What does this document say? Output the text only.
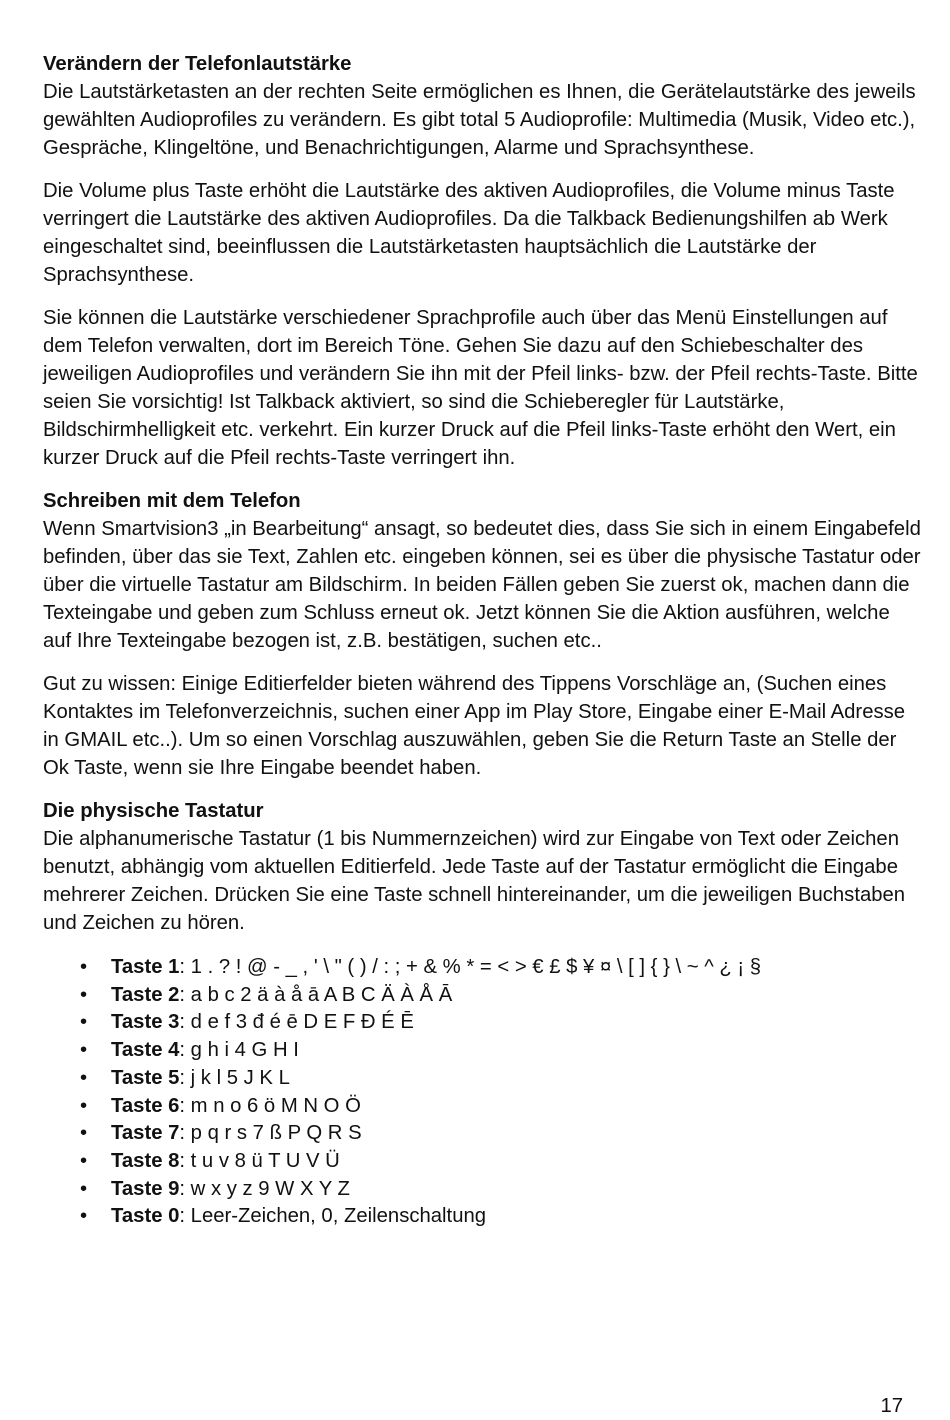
Verändern der Telefonlautstärke

Die Lautstärketasten an der rechten Seite ermöglichen es Ihnen, die Gerätelautstärke des jeweils gewählten Audioprofiles zu verändern. Es gibt total 5 Audioprofile: Multimedia (Musik, Video etc.), Gespräche, Klingeltöne, und Benachrichtigungen, Alarme und Sprachsynthese.

Die Volume plus Taste erhöht die Lautstärke des aktiven Audioprofiles, die Volume minus Taste verringert die Lautstärke des aktiven Audioprofiles. Da die Talkback Bedienungshilfen ab Werk eingeschaltet sind, beeinflussen die Lautstärketasten hauptsächlich die Lautstärke der Sprachsynthese.

Sie können die Lautstärke verschiedener Sprachprofile auch über das Menü Einstellungen auf dem Telefon verwalten, dort im Bereich Töne. Gehen Sie dazu auf den Schiebeschalter des jeweiligen Audioprofiles und verändern Sie ihn mit der Pfeil links- bzw. der Pfeil rechts-Taste. Bitte seien Sie vorsichtig! Ist Talkback aktiviert, so sind die Schieberegler für Lautstärke, Bildschirmhelligkeit etc. verkehrt. Ein kurzer Druck auf die Pfeil links-Taste erhöht den Wert, ein kurzer Druck auf die Pfeil rechts-Taste verringert ihn.

Schreiben mit dem Telefon

Wenn Smartvision3 „in Bearbeitung“ ansagt, so bedeutet dies, dass Sie sich in einem Eingabefeld befinden, über das sie Text, Zahlen etc. eingeben können, sei es über die physische Tastatur oder über die virtuelle Tastatur am Bildschirm. In beiden Fällen geben Sie zuerst ok, machen dann die Texteingabe und geben zum Schluss erneut ok. Jetzt können Sie die Aktion ausführen, welche auf Ihre Texteingabe bezogen ist, z.B. bestätigen, suchen etc..

Gut zu wissen: Einige Editierfelder bieten während des Tippens Vorschläge an, (Suchen eines Kontaktes im Telefonverzeichnis, suchen einer App im Play Store, Eingabe einer E-Mail Adresse in GMAIL etc..). Um so einen Vorschlag auszuwählen, geben Sie die Return Taste an Stelle der Ok Taste, wenn sie Ihre Eingabe beendet haben.

Die physische Tastatur

Die alphanumerische Tastatur (1 bis Nummernzeichen) wird zur Eingabe von Text oder Zeichen benutzt, abhängig vom aktuellen Editierfeld. Jede Taste auf der Tastatur ermöglicht die Eingabe mehrerer Zeichen. Drücken Sie eine Taste schnell hintereinander, um die jeweiligen Buchstaben und Zeichen zu hören.

• Taste 1: 1 . ? ! @ - _ , ' \ " ( ) / : ; + & % * = < > € £ $ ¥ ¤ \ [ ] { } \ ~ ^ ¿ ¡ §
• Taste 2: a b c 2 ä à å ā A B C Ä À Å Ā
• Taste 3: d e f 3 đ é ē D E F Đ É Ē
• Taste 4: g h i 4 G H I
• Taste 5: j k l 5 J K L
• Taste 6: m n o 6 ö M N O Ö
• Taste 7: p q r s 7 ß P Q R S
• Taste 8: t u v 8 ü T U V Ü
• Taste 9: w x y z 9 W X Y Z
• Taste 0: Leer-Zeichen, 0, Zeilenschaltung
17
